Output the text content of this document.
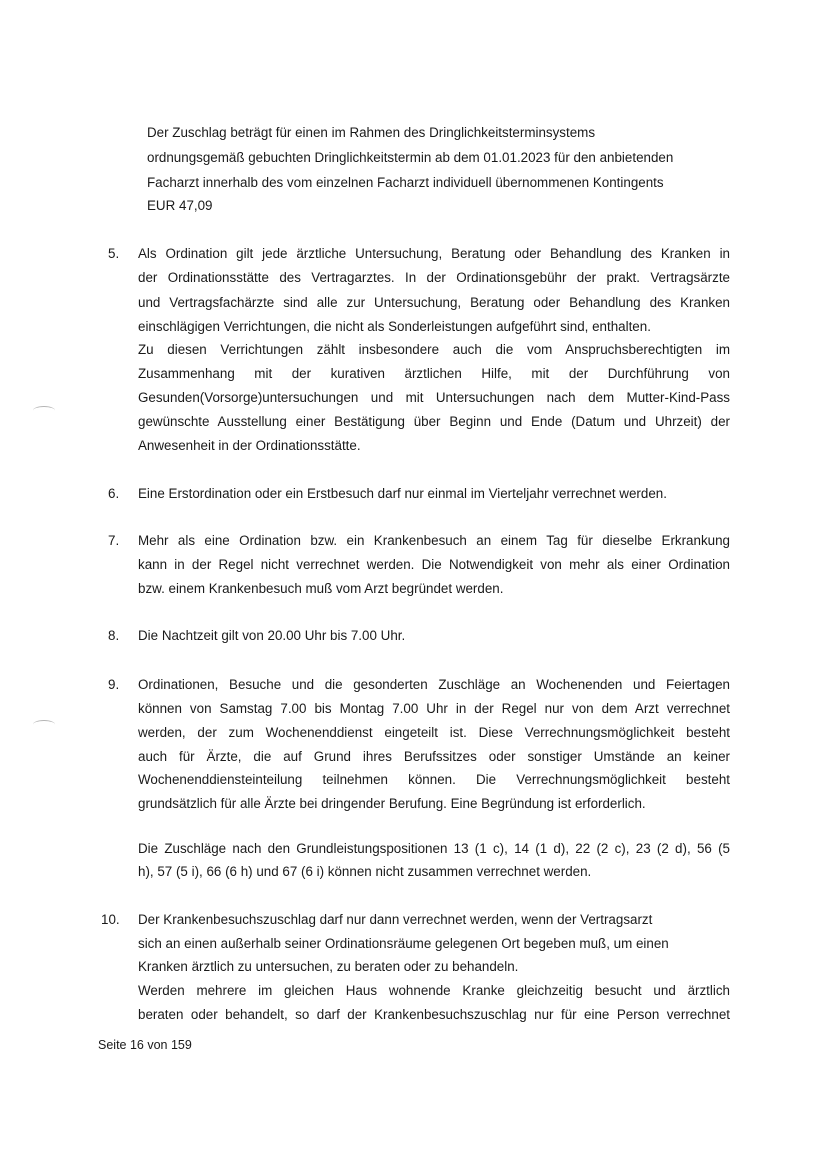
Der Zuschlag beträgt für einen im Rahmen des Dringlichkeitsterminsystems
ordnungsgemäß gebuchten Dringlichkeitstermin ab dem 01.01.2023 für den anbietenden
Facharzt innerhalb des vom einzelnen Facharzt individuell übernommenen Kontingents
EUR 47,09
5. Als Ordination gilt jede ärztliche Untersuchung, Beratung oder Behandlung des Kranken in
der Ordinationsstätte des Vertragarztes. In der Ordinationsgebühr der prakt. Vertragsärzte
und Vertragsfachärzte sind alle zur Untersuchung, Beratung oder Behandlung des Kranken
einschlägigen Verrichtungen, die nicht als Sonderleistungen aufgeführt sind, enthalten.
Zu diesen Verrichtungen zählt insbesondere auch die vom Anspruchsberechtigten im
Zusammenhang mit der kurativen ärztlichen Hilfe, mit der Durchführung von
Gesunden(Vorsorge)untersuchungen und mit Untersuchungen nach dem Mutter-Kind-Pass
gewünschte Ausstellung einer Bestätigung über Beginn und Ende (Datum und Uhrzeit) der
Anwesenheit in der Ordinationsstätte.
6. Eine Erstordination oder ein Erstbesuch darf nur einmal im Vierteljahr verrechnet werden.
7. Mehr als eine Ordination bzw. ein Krankenbesuch an einem Tag für dieselbe Erkrankung
kann in der Regel nicht verrechnet werden. Die Notwendigkeit von mehr als einer Ordination
bzw. einem Krankenbesuch muß vom Arzt begründet werden.
8. Die Nachtzeit gilt von 20.00 Uhr bis 7.00 Uhr.
9. Ordinationen, Besuche und die gesonderten Zuschläge an Wochenenden und Feiertagen
können von Samstag 7.00 bis Montag 7.00 Uhr in der Regel nur von dem Arzt verrechnet
werden, der zum Wochenenddienst eingeteilt ist. Diese Verrechnungsmöglichkeit besteht
auch für Ärzte, die auf Grund ihres Berufssitzes oder sonstiger Umstände an keiner
Wochenenddiensteinteilung teilnehmen können. Die Verrechnungsmöglichkeit besteht
grundsätzlich für alle Ärzte bei dringender Berufung. Eine Begründung ist erforderlich.
Die Zuschläge nach den Grundleistungspositionen 13 (1 c), 14 (1 d), 22 (2 c), 23 (2 d), 56 (5
h), 57 (5 i), 66 (6 h) und 67 (6 i) können nicht zusammen verrechnet werden.
10. Der Krankenbesuchszuschlag darf nur dann verrechnet werden, wenn der Vertragsarzt
sich an einen außerhalb seiner Ordinationsräume gelegenen Ort begeben muß, um einen
Kranken ärztlich zu untersuchen, zu beraten oder zu behandeln.
Werden mehrere im gleichen Haus wohnende Kranke gleichzeitig besucht und ärztlich
beraten oder behandelt, so darf der Krankenbesuchszuschlag nur für eine Person verrechnet
Seite 16 von 159
